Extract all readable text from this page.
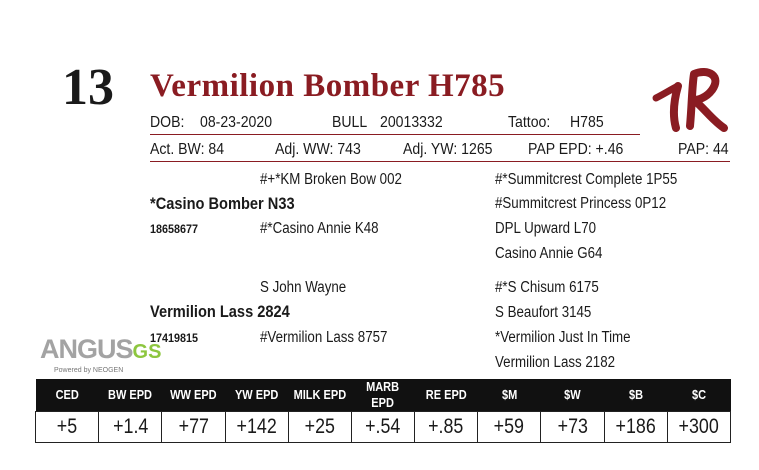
13 Vermilion Bomber H785
DOB: 08-23-2020	BULL 20013332	Tattoo: H785
Act. BW: 84	Adj. WW: 743	Adj. YW: 1265 PAP EPD: +.46	PAP: 44
#+*KM Broken Bow 002	#*Summitcrest Complete 1P55
*Casino Bomber N33	#Summitcrest Princess 0P12
18658677	#*Casino Annie K48	DPL Upward L70
Casino Annie G64
S John Wayne	#*S Chisum 6175
Vermilion Lass 2824	S Beaufort 3145
17419815	#Vermilion Lass 8757	*Vermilion Just In Time
Vermilion Lass 2182
ANGUSGS
Powered by NEOGEN
CED	BW EPD	WW EPD	YW EPD	MILK EPD	MARB EPD	RE EPD	$M	$W	$B	$C
+5	+1.4	+77	+142	+25	+.54	+.85	+59	+73	+186	+300
